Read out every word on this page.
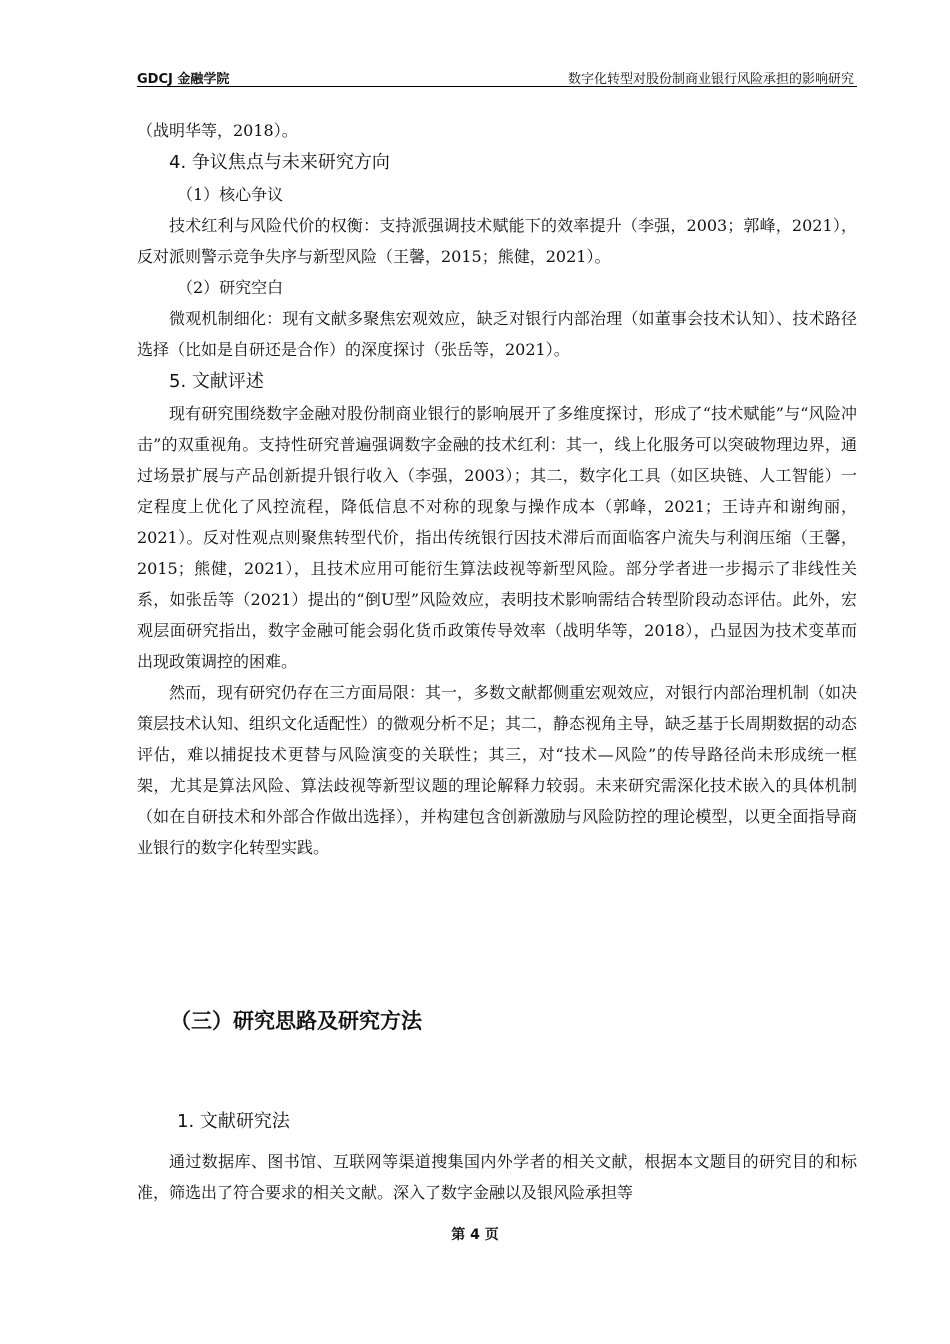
GDCJ 金融学院	数字化转型对股份制商业银行风险承担的影响研究

（战明华等，2018）。

4. 争议焦点与未来研究方向

（1）核心争议

技术红利与风险代价的权衡：支持派强调技术赋能下的效率提升（李强，2003；郭峰，2021），反对派则警示竞争失序与新型风险（王馨，2015；熊健，2021）。

（2）研究空白

微观机制细化：现有文献多聚焦宏观效应，缺乏对银行内部治理（如董事会技术认知）、技术路径选择（比如是自研还是合作）的深度探讨（张岳等，2021）。

5. 文献评述

现有研究围绕数字金融对股份制商业银行的影响展开了多维度探讨，形成了“技术赋能”与“风险冲击”的双重视角。支持性研究普遍强调数字金融的技术红利：其一，线上化服务可以突破物理边界，通过场景扩展与产品创新提升银行收入（李强，2003）；其二，数字化工具（如区块链、人工智能）一定程度上优化了风控流程，降低信息不对称的现象与操作成本（郭峰，2021；王诗卉和谢绚丽，2021）。反对性观点则聚焦转型代价，指出传统银行因技术滞后而面临客户流失与利润压缩（王馨，2015；熊健，2021），且技术应用可能衍生算法歧视等新型风险。部分学者进一步揭示了非线性关系，如张岳等（2021）提出的“倒U型”风险效应，表明技术影响需结合转型阶段动态评估。此外，宏观层面研究指出，数字金融可能会弱化货币政策传导效率（战明华等，2018），凸显因为技术变革而出现政策调控的困难。

然而，现有研究仍存在三方面局限：其一，多数文献都侧重宏观效应，对银行内部治理机制（如决策层技术认知、组织文化适配性）的微观分析不足；其二，静态视角主导，缺乏基于长周期数据的动态评估，难以捕捉技术更替与风险演变的关联性；其三，对“技术—风险”的传导路径尚未形成统一框架，尤其是算法风险、算法歧视等新型议题的理论解释力较弱。未来研究需深化技术嵌入的具体机制（如在自研技术和外部合作做出选择），并构建包含创新激励与风险防控的理论模型，以更全面指导商业银行的数字化转型实践。

（三）研究思路及研究方法

1. 文献研究法

通过数据库、图书馆、互联网等渠道搜集国内外学者的相关文献，根据本文题目的研究目的和标准，筛选出了符合要求的相关文献。深入了数字金融以及银风险承担等

第 4 页
